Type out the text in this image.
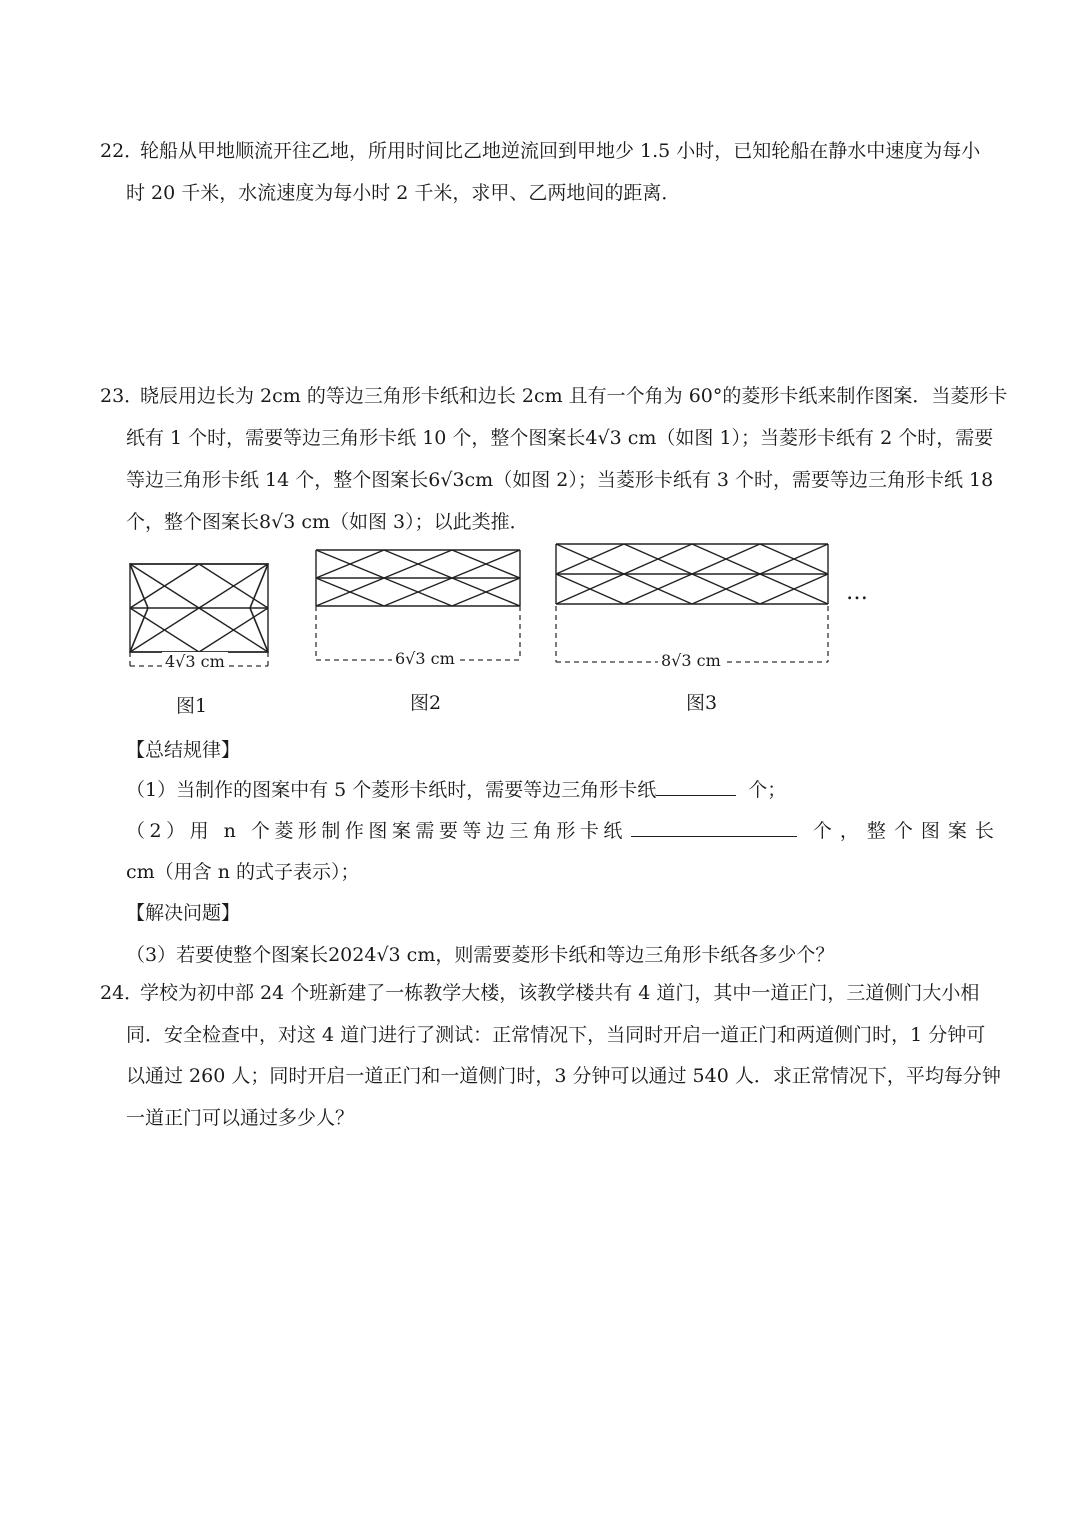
22．
轮船从甲地顺流开往乙地，所用时间比乙地逆流回到甲地少 1.5 小时，已知轮船在静水中速度为每小
时 20 千米，水流速度为每小时 2 千米，求甲、乙两地间的距离．
23．
晓辰用边长为 2cm 的等边三角形卡纸和边长 2cm 且有一个角为 60°的菱形卡纸来制作图案．当菱形卡
纸有 1 个时，需要等边三角形卡纸 10 个，整个图案长4√3 cm（如图 1）；当菱形卡纸有 2 个时，需要
等边三角形卡纸 14 个，整个图案长6√3cm（如图 2）；当菱形卡纸有 3 个时，需要等边三角形卡纸 18
个，整个图案长8√3 cm（如图 3）；以此类推．
4√3 cm
图1
6√3 cm
图2
8√3 cm
图3
…
【总结规律】
（1）当制作的图案中有 5 个菱形卡纸时，需要等边三角形卡纸	个；
（2）用 n 个菱形制作图案需要等边三角形卡纸	个，整个图案长
cm（用含 n 的式子表示）；
【解决问题】
（3）若要使整个图案长2024√3 cm，则需要菱形卡纸和等边三角形卡纸各多少个？
24．
学校为初中部 24 个班新建了一栋教学大楼，该教学楼共有 4 道门，其中一道正门，三道侧门大小相
同．安全检查中，对这 4 道门进行了测试：正常情况下，当同时开启一道正门和两道侧门时，1 分钟可
以通过 260 人；同时开启一道正门和一道侧门时，3 分钟可以通过 540 人．求正常情况下，平均每分钟
一道正门可以通过多少人？
